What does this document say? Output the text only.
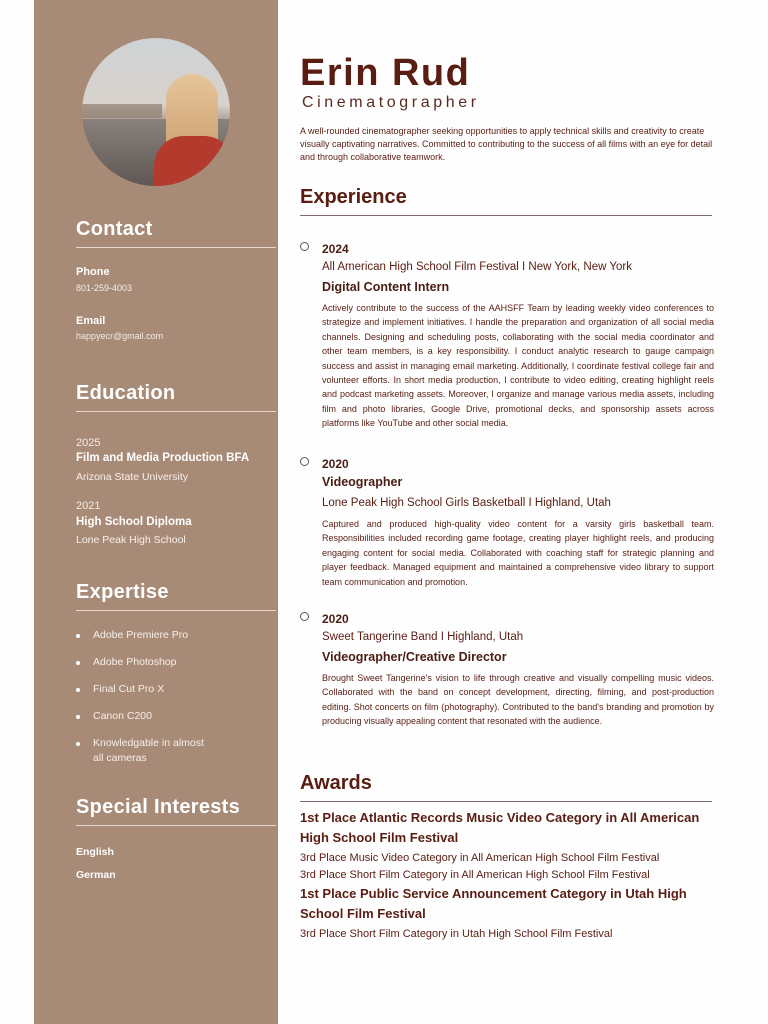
Contact
Phone
801-259-4003
Email
happyecr@gmail.com
Education
2025
Film and Media Production BFA
Arizona State University
2021
High School Diploma
Lone Peak High School
Expertise
Adobe Premiere Pro
Adobe Photoshop
Final Cut Pro X
Canon C200
Knowledgable in almost all cameras
Special Interests
English
German
Erin Rud
Cinematographer
A well-rounded cinematographer seeking opportunities to apply technical skills and creativity to create visually captivating narratives. Committed to contributing to the success of all films with an eye for detail and through collaborative teamwork.
Experience
2024
All American High School Film Festival I New York, New York
Digital Content Intern
Actively contribute to the success of the AAHSFF Team by leading weekly video conferences to strategize and implement initiatives. I handle the preparation and organization of all social media channels. Designing and scheduling posts, collaborating with the social media coordinator and other team members, is a key responsibility. I conduct analytic research to gauge campaign success and assist in managing email marketing. Additionally, I coordinate festival college fair and volunteer efforts. In short media production, I contribute to video editing, creating highlight reels and podcast marketing assets. Moreover, I organize and manage various media assets, including film and photo libraries, Google Drive, promotional decks, and sponsorship assets across platforms like YouTube and other social media.
2020
Videographer
Lone Peak High School Girls Basketball I Highland, Utah
Captured and produced high-quality video content for a varsity girls basketball team. Responsibilities included recording game footage, creating player highlight reels, and producing engaging content for social media. Collaborated with coaching staff for strategic planning and player feedback. Managed equipment and maintained a comprehensive video library to support team communication and promotion.
2020
Sweet Tangerine Band I Highland, Utah
Videographer/Creative Director
Brought Sweet Tangerine's vision to life through creative and visually compelling music videos. Collaborated with the band on concept development, directing, filming, and post-production editing. Shot concerts on film (photography). Contributed to the band's branding and promotion by producing visually appealing content that resonated with the audience.
Awards
1st Place Atlantic Records Music Video Category in All American High School Film Festival
3rd Place Music Video Category in All American High School Film Festival
3rd Place Short Film Category in All American High School Film Festival
1st Place Public Service Announcement Category in Utah High School Film Festival
3rd Place Short Film Category in Utah High School Film Festival
